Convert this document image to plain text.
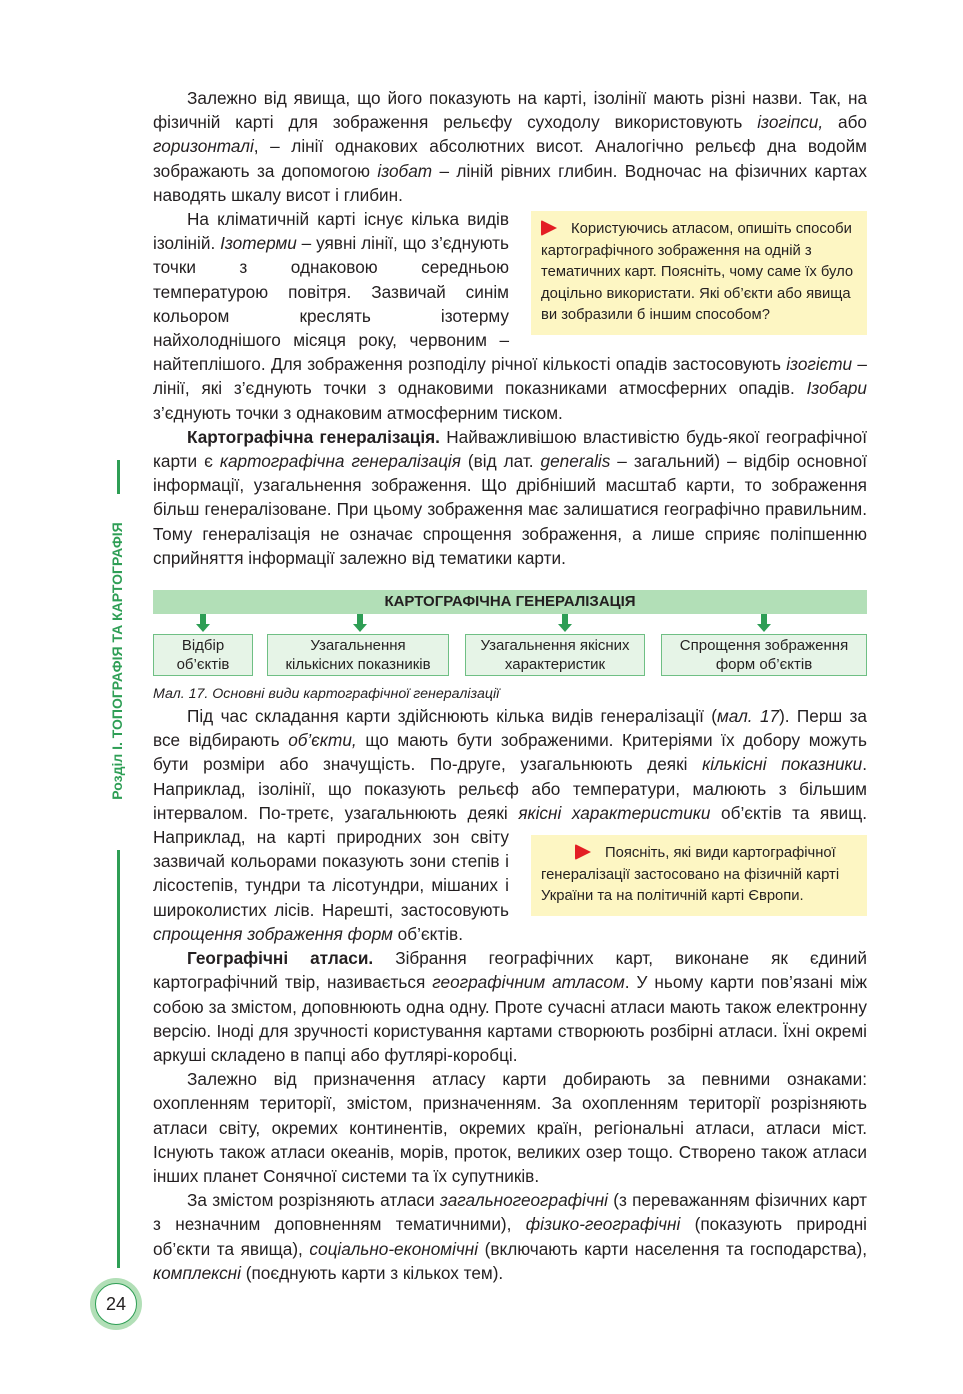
Розділ І. ТОПОГРАФІЯ ТА КАРТОГРАФІЯ
24

Залежно від явища, що його показують на карті, ізолінії мають різні назви. Так, на фізичній карті для зображення рельєфу суходолу використовують ізогіпси, або горизонталі, – лінії однакових абсолютних висот. Аналогічно рельєф дна водойм зображають за допомогою ізобат – ліній рівних глибин. Водночас на фізичних картах наводять шкалу висот і глибин.

Користуючись атласом, опишіть способи картографічного зображення на одній з тематичних карт. Поясніть, чому саме їх було доцільно використати. Які об’єкти або явища ви зобразили б іншим способом?

На кліматичній карті існує кілька видів ізоліній. Ізотерми – уявні лінії, що з’єднують точки з однаковою середньою температурою повітря. Зазвичай синім кольором креслять ізотерму найхолоднішого місяця року, червоним – найтеплішого. Для зображення розподілу річної кількості опадів застосовують ізогієти – лінії, які з’єднують точки з однаковими показниками атмосферних опадів. Ізобари з’єднують точки з однаковим атмосферним тиском.

Картографічна генералізація. Найважливішою властивістю будь-якої географічної карти є картографічна генералізація (від лат. generalis – загальний) – відбір основної інформації, узагальнення зображення. Що дрібніший масштаб карти, то зображення більш генералізоване. При цьому зображення має залишатися географічно правильним. Тому генералізація не означає спрощення зображення, а лише сприяє поліпшенню сприйняття інформації залежно від тематики карти.

КАРТОГРАФІЧНА ГЕНЕРАЛІЗАЦІЯ
Відбір
об’єктів
Узагальнення
кількісних показників
Узагальнення якісних
характеристик
Спрощення зображення
форм об’єктів

Мал. 17. Основні види картографічної генералізації

Під час складання карти здійснюють кілька видів генералізації (мал. 17). Перш за все відбирають об’єкти, що мають бути зображеними. Критеріями їх добору можуть бути розміри або значущість. По-друге, узагальнюють деякі кількісні показники. Наприклад, ізолінії, що показують рельєф або температури, малюють з більшим інтервалом. По-третє, узагальнюють деякі якісні характеристики
Поясніть, які види картографічної генералізації застосовано на фізичній карті України та на політичній карті Європи.
об’єктів та явищ. Наприклад, на карті природних зон світу зазвичай кольорами показують зони степів і лісостепів, тундри та лісотундри, мішаних і широколистих лісів. Нарешті, застосовують спрощення зображення форм об’єктів.

Географічні атласи. Зібрання географічних карт, виконане як єдиний картографічний твір, називається географічним атласом. У ньому карти пов’язані між собою за змістом, доповнюють одна одну. Проте сучасні атласи мають також електронну версію. Іноді для зручності користування картами створюють розбірні атласи. Їхні окремі аркуші складено в папці або футлярі-коробці.

Залежно від призначення атласу карти добирають за певними ознаками: охопленням території, змістом, призначенням. За охопленням території розрізняють атласи світу, окремих континентів, окремих країн, регіональні атласи, атласи міст. Існують також атласи океанів, морів, проток, великих озер тощо. Створено також атласи інших планет Сонячної системи та їх супутників.

За змістом розрізняють атласи загальногеографічні (з переважанням фізичних карт з незначним доповненням тематичними), фізико-географічні (показують природні об’єкти та явища), соціально-економічні (включають карти населення та господарства), комплексні (поєднують карти з кількох тем).
